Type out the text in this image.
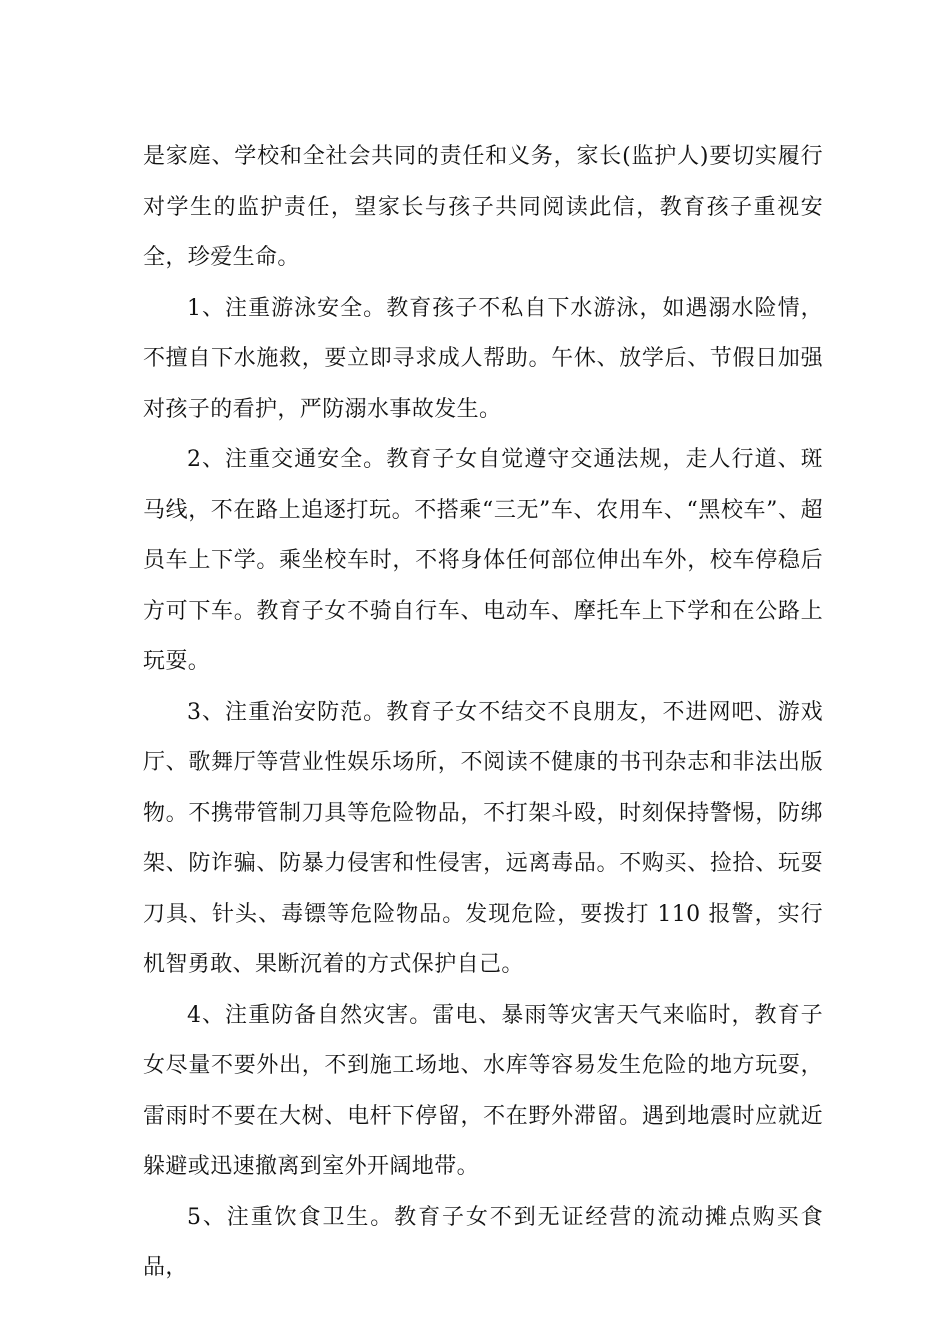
是家庭、学校和全社会共同的责任和义务，家长(监护人)要切实履行对学生的监护责任，望家长与孩子共同阅读此信，教育孩子重视安全，珍爱生命。

1、注重游泳安全。教育孩子不私自下水游泳，如遇溺水险情，不擅自下水施救，要立即寻求成人帮助。午休、放学后、节假日加强对孩子的看护，严防溺水事故发生。

2、注重交通安全。教育子女自觉遵守交通法规，走人行道、斑马线，不在路上追逐打玩。不搭乘“三无”车、农用车、“黑校车”、超员车上下学。乘坐校车时，不将身体任何部位伸出车外，校车停稳后方可下车。教育子女不骑自行车、电动车、摩托车上下学和在公路上玩耍。

3、注重治安防范。教育子女不结交不良朋友，不进网吧、游戏厅、歌舞厅等营业性娱乐场所，不阅读不健康的书刊杂志和非法出版物。不携带管制刀具等危险物品，不打架斗殴，时刻保持警惕，防绑架、防诈骗、防暴力侵害和性侵害，远离毒品。不购买、捡拾、玩耍刀具、针头、毒镖等危险物品。发现危险，要拨打 110 报警，实行机智勇敢、果断沉着的方式保护自己。

4、注重防备自然灾害。雷电、暴雨等灾害天气来临时，教育子女尽量不要外出，不到施工场地、水库等容易发生危险的地方玩耍，雷雨时不要在大树、电杆下停留，不在野外滞留。遇到地震时应就近躲避或迅速撤离到室外开阔地带。

5、注重饮食卫生。教育子女不到无证经营的流动摊点购买食品，
